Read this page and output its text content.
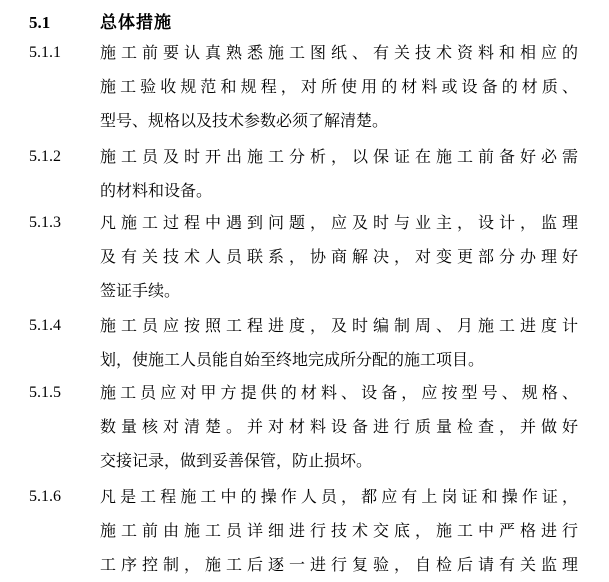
5.1	总体措施
5.1.1 施工前要认真熟悉施工图纸、有关技术资料和相应的
施工验收规范和规程，对所使用的材料或设备的材质、
型号、规格以及技术参数必须了解清楚。
5.1.2 施工员及时开出施工分析，以保证在施工前备好必需
的材料和设备。
5.1.3 凡施工过程中遇到问题，应及时与业主，设计，监理
及有关技术人员联系，协商解决，对变更部分办理好
签证手续。
5.1.4 施工员应按照工程进度，及时编制周、月施工进度计
划，使施工人员能自始至终地完成所分配的施工项目。
5.1.5 施工员应对甲方提供的材料、设备，应按型号、规格、
数量核对清楚。并对材料设备进行质量检查，并做好
交接记录，做到妥善保管，防止损坏。
5.1.6 凡是工程施工中的操作人员，都应有上岗证和操作证，
施工前由施工员详细进行技术交底，施工中严格进行
工序控制，施工后逐一进行复验，自检后请有关监理
